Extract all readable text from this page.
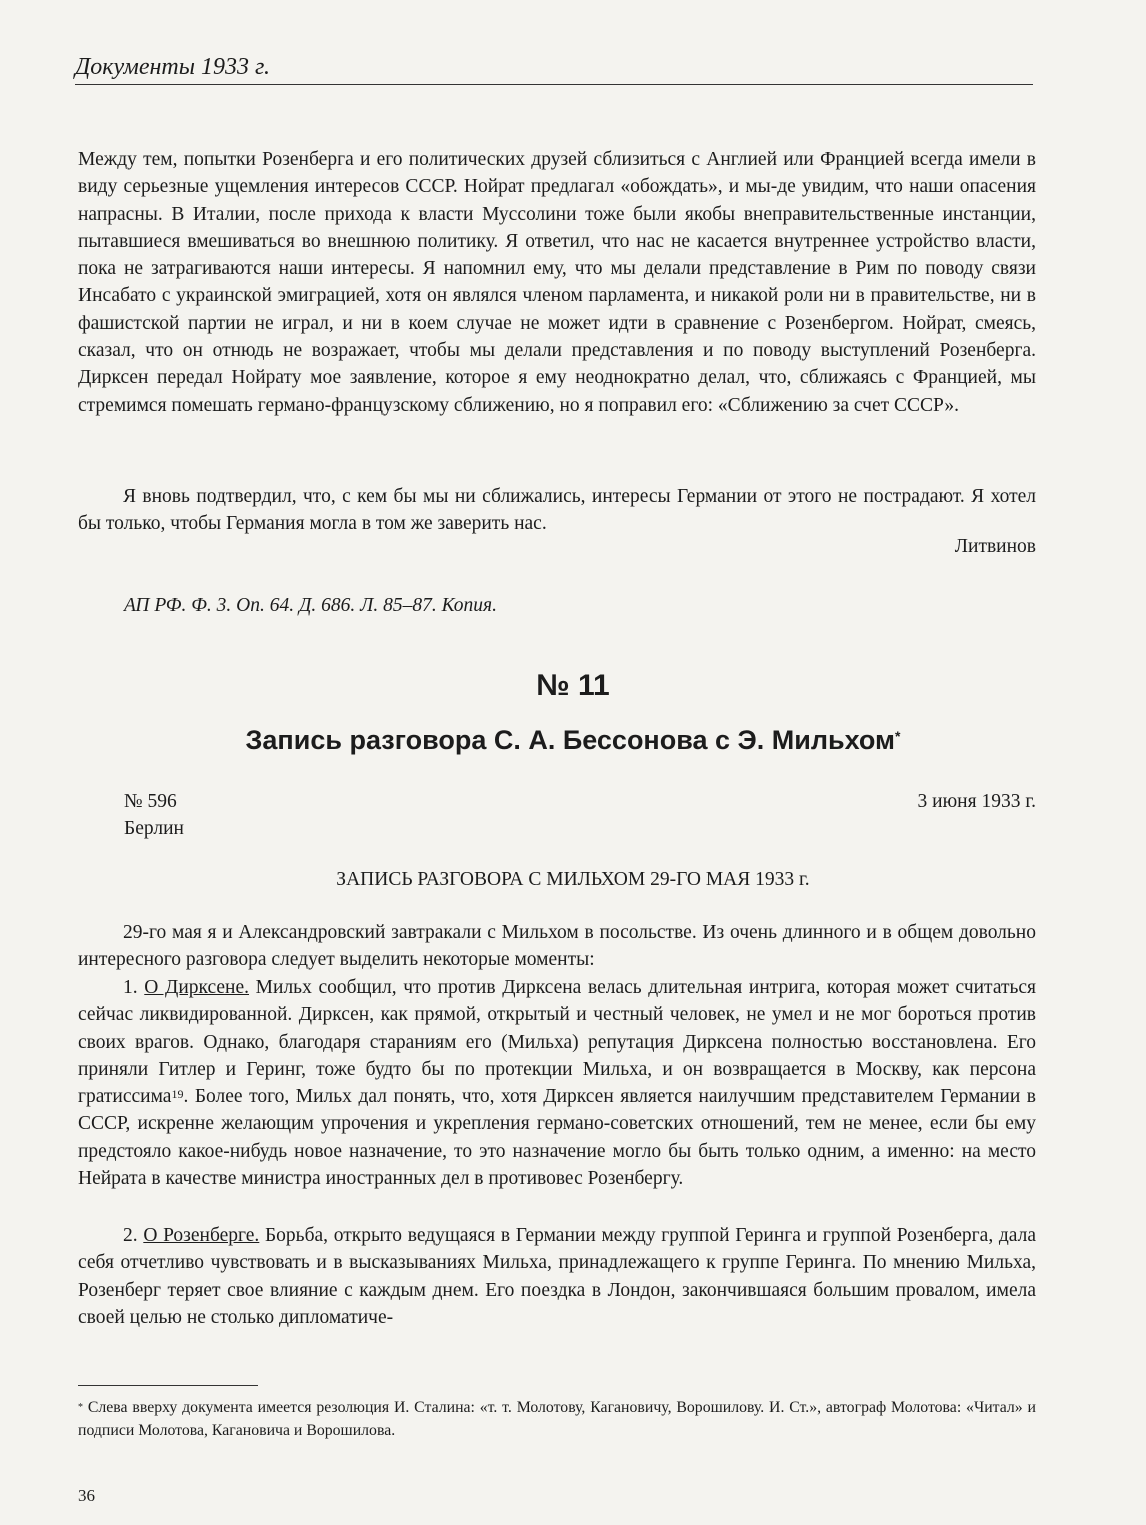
Документы 1933 г.

Между тем, попытки Розенберга и его политических друзей сблизиться с Англией или Францией всегда имели в виду серьезные ущемления интересов СССР. Нойрат предлагал «обождать», и мы-де увидим, что наши опасения напрасны. В Италии, поcле прихода к власти Муссолини тоже были якобы внеправительственные инстанции, пытавшиеся вмешиваться во внешнюю политику. Я ответил, что нас не касается внутреннее устройство власти, пока не затрагиваются наши интересы. Я напомнил ему, что мы делали представление в Рим по поводу связи Инсабато с украинской эмиграцией, хотя он являлся членом парламента, и никакой роли ни в правительстве, ни в фашистской партии не играл, и ни в коем случае не может идти в сравнение с Розенбергом. Нойрат, смеясь, сказал, что он отнюдь не возражает, чтобы мы делали представления и по поводу выступлений Розенберга. Дирксен передал Нойрату мое заявление, которое я ему неоднократно делал, что, сближаясь с Францией, мы стремимся помешать германо-французскому сближению, но я поправил его: «Сближению за счет СССР».

Я вновь подтвердил, что, с кем бы мы ни сближались, интересы Германии от этого не пострадают. Я хотел бы только, чтобы Германия могла в том же заверить нас.

Литвинов
АП РФ. Ф. 3. Оп. 64. Д. 686. Л. 85–87. Копия.
№ 11
Запись разговора С. А. Бессонова с Э. Мильхом*
№ 596	3 июня 1933 г.
Берлин
ЗАПИСЬ РАЗГОВОРА С МИЛЬХОМ 29-ГО МАЯ 1933 г.

29-го мая я и Александровский завтракали с Мильхом в посольстве. Из очень длинного и в общем довольно интересного разговора следует выделить некоторые моменты:

1. О Дирксене. Мильх сообщил, что против Дирксена велась длительная интрига, которая может считаться сейчас ликвидированной. Дирксен, как прямой, открытый и честный человек, не умел и не мог бороться против своих врагов. Однако, благодаря стараниям его (Мильха) репутация Дирксена полностью восстановлена. Его приняли Гитлер и Геринг, тоже будто бы по протекции Мильха, и он возвращается в Москву, как персона гратиссима$^{19}$. Более того, Мильх дал понять, что, хотя Дирксен является наилучшим представителем Германии в СССР, искренне желающим упрочения и укрепления германо-советских отношений, тем не менее, если бы ему предстояло какое-нибудь новое назначение, то это назначение могло бы быть только одним, а именно: на место Нейрата в качестве министра иностранных дел в противовес Розенбергу.

2. О Розенберге. Борьба, открыто ведущаяся в Германии между группой Геринга и группой Розенберга, дала себя отчетливо чувствовать и в высказываниях Мильха, принадлежащего к группе Геринга. По мнению Мильха, Розенберг теряет свое влияние с каждым днем. Его поездка в Лондон, закончившаяся большим провалом, имела своей целью не столько дипломатиче-

* Слева вверху документа имеется резолюция И. Сталина: «т. т. Молотову, Кагановичу, Ворошилову. И. Ст.», автограф Молотова: «Читал» и подписи Молотова, Кагановича и Ворошилова.

36
